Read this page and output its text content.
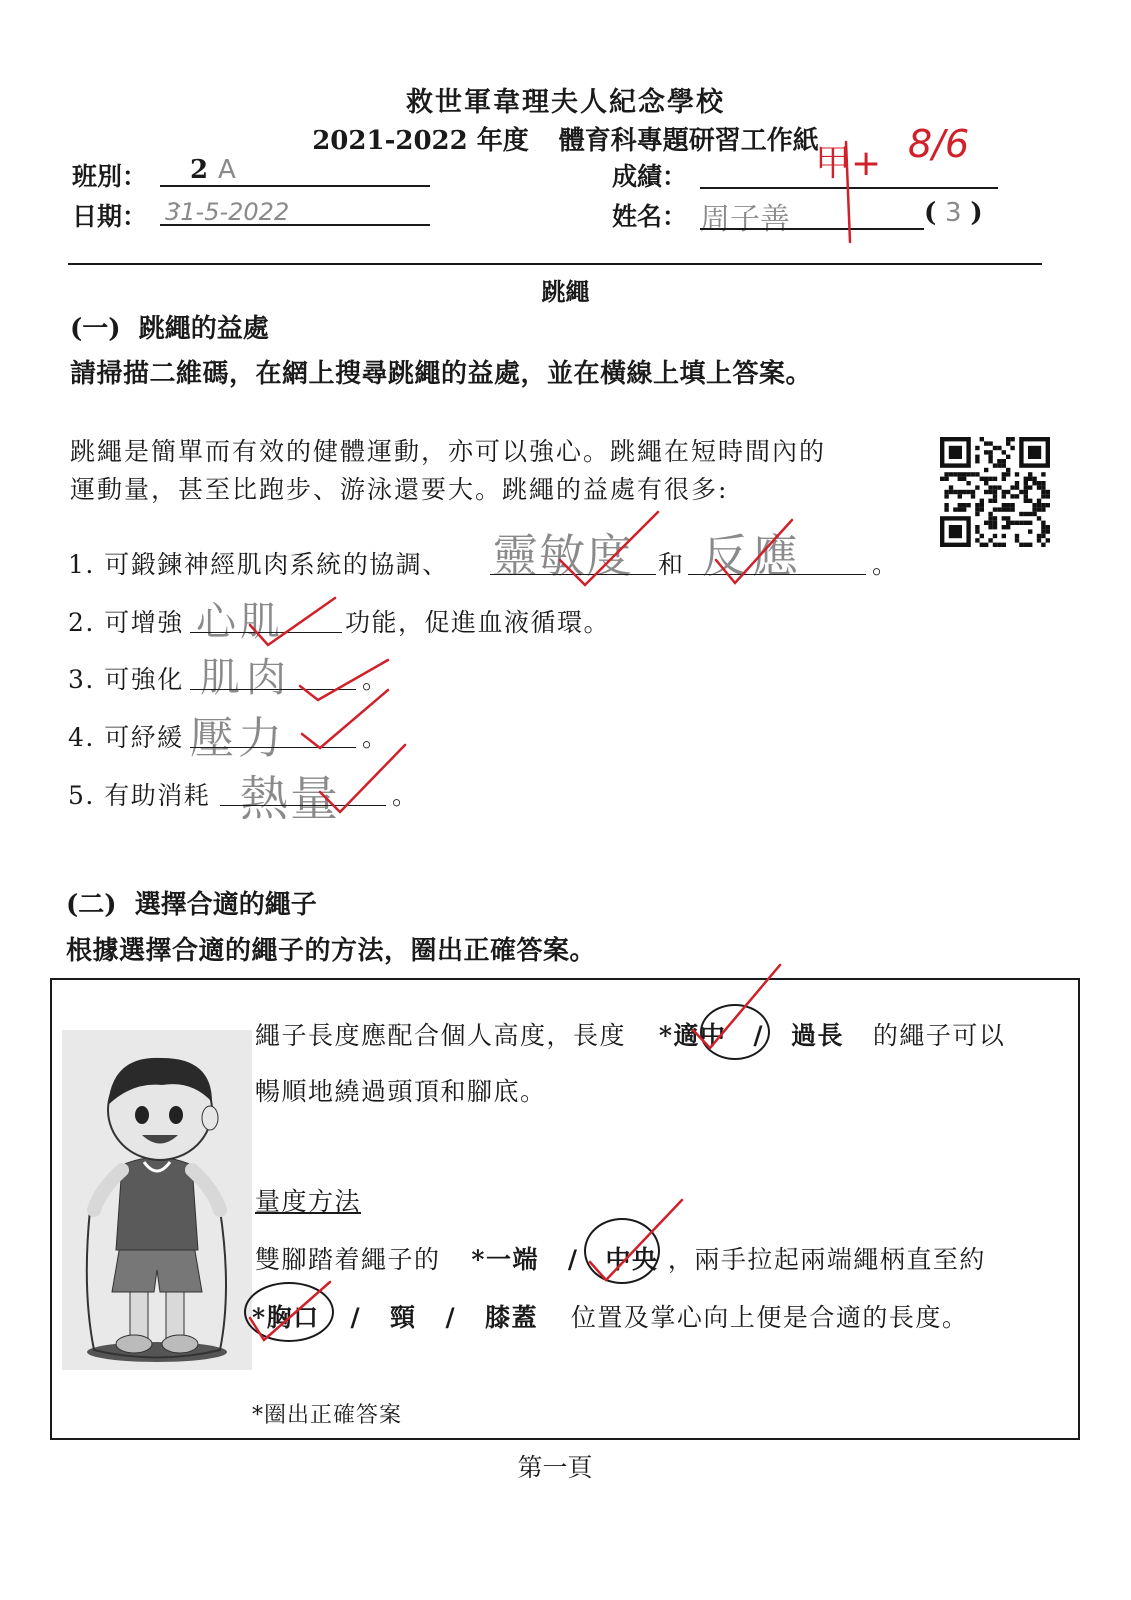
救世軍韋理夫人紀念學校
2021-2022 年度 體育科專題研習工作紙
班別： 2 A
日期： 31-5-2022
成績：	甲+ 8/6
姓名： 周子善	( 3 )
跳繩
(一)  跳繩的益處
請掃描二維碼，在網上搜尋跳繩的益處，並在橫線上填上答案。
跳繩是簡單而有效的健體運動，亦可以強心。跳繩在短時間內的
運動量，甚至比跑步、游泳還要大。跳繩的益處有很多:
1. 可鍛鍊神經肌肉系統的協調、 靈敏度 和 反應	。
2. 可增強 心肌 功能，促進血液循環。
3. 可強化 肌肉	。
4. 可紓緩 壓力	。
5. 有助消耗 熱量 。
(二)  選擇合適的繩子
根據選擇合適的繩子的方法，圈出正確答案。
繩子長度應配合個人高度，長度 *適中 / 過長 的繩子可以
暢順地繞過頭頂和腳底。
量度方法
雙腳踏着繩子的 *一端 / 中央 ，兩手拉起兩端繩柄直至約
*胸口 / 頸 / 膝蓋 位置及掌心向上便是合適的長度。
*圈出正確答案
第一頁
